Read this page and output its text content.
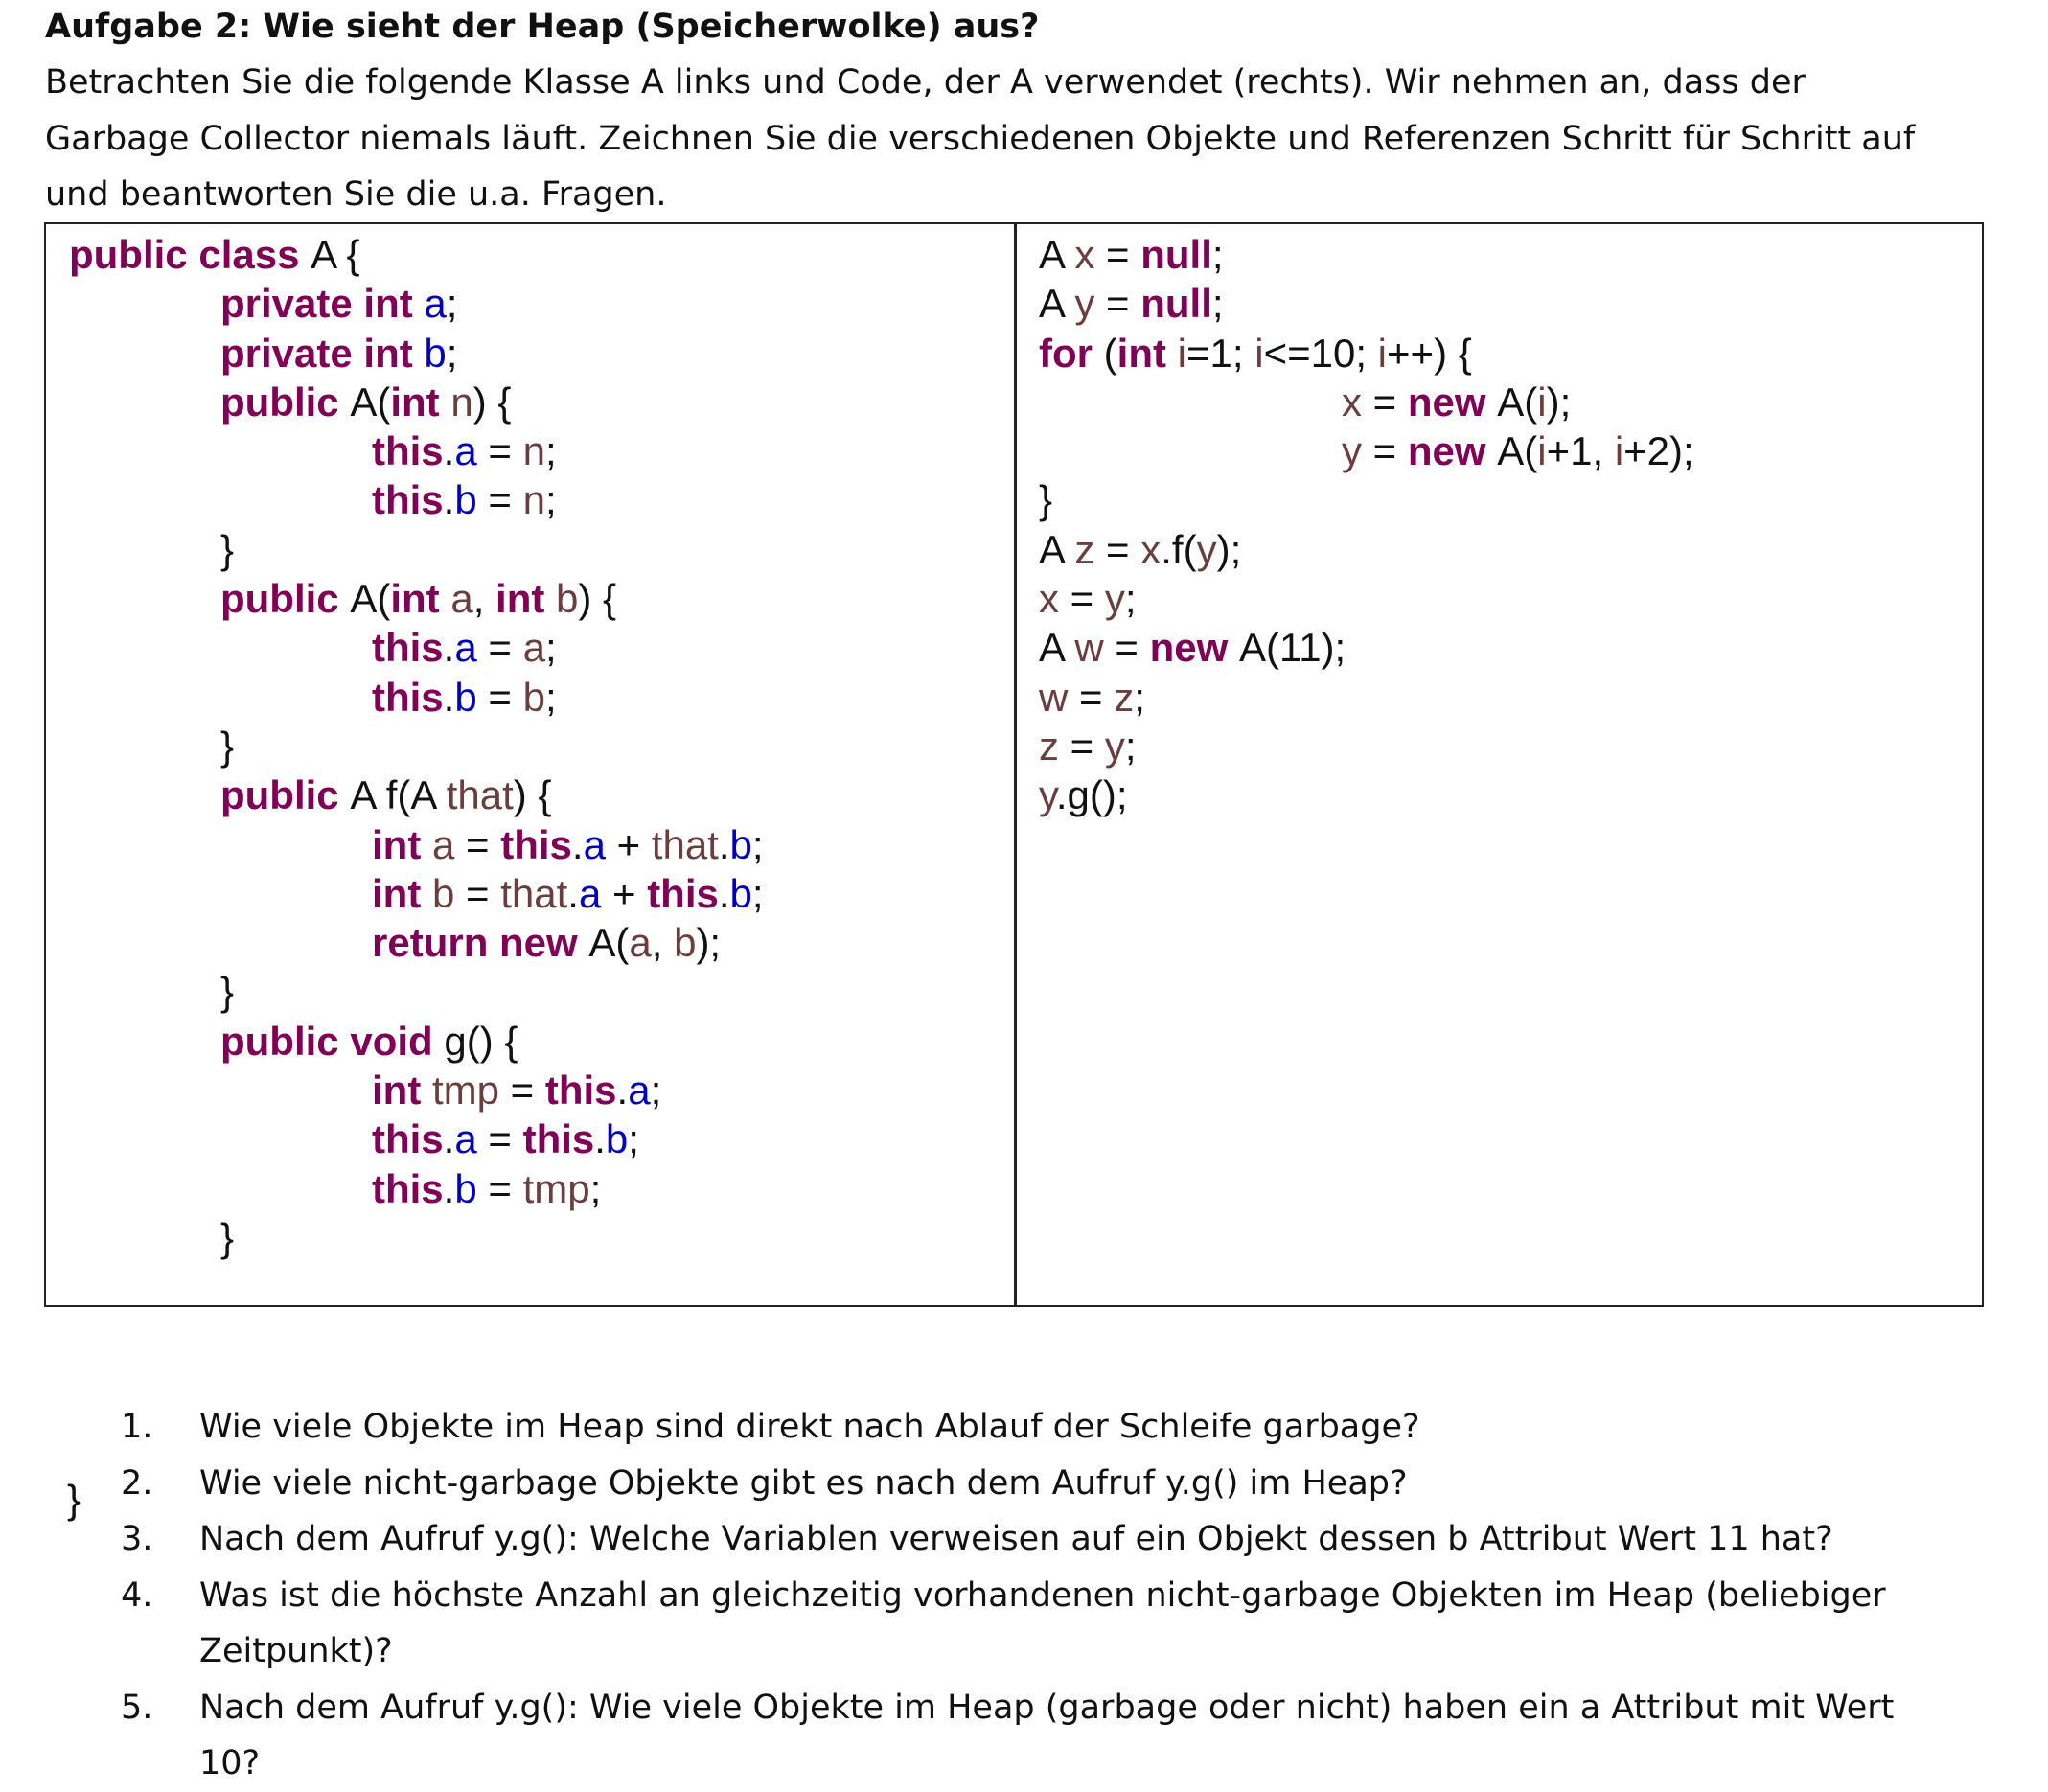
Aufgabe 2: Wie sieht der Heap (Speicherwolke) aus?
Betrachten Sie die folgende Klasse A links und Code, der A verwendet (rechts). Wir nehmen an, dass der
Garbage Collector niemals läuft. Zeichnen Sie die verschiedenen Objekte und Referenzen Schritt für Schritt auf
und beantworten Sie die u.a. Fragen.
public class A {
private int a;
private int b;
public A(int n) {
this.a = n;
this.b = n;
}
public A(int a, int b) {
this.a = a;
this.b = b;
}
public A f(A that) {
int a = this.a + that.b;
int b = that.a + this.b;
return new A(a, b);
}
public void g() {
int tmp = this.a;
this.a = this.b;
this.b = tmp;
}
A x = null;
A y = null;
for (int i=1; i<=10; i++) {
x = new A(i);
y = new A(i+1, i+2);
}
A z = x.f(y);
x = y;
A w = new A(11);
w = z;
z = y;
y.g();
}
1. Wie viele Objekte im Heap sind direkt nach Ablauf der Schleife garbage?
2. Wie viele nicht-garbage Objekte gibt es nach dem Aufruf y.g() im Heap?
3. Nach dem Aufruf y.g(): Welche Variablen verweisen auf ein Objekt dessen b Attribut Wert 11 hat?
4. Was ist die höchste Anzahl an gleichzeitig vorhandenen nicht-garbage Objekten im Heap (beliebiger
Zeitpunkt)?
5. Nach dem Aufruf y.g(): Wie viele Objekte im Heap (garbage oder nicht) haben ein a Attribut mit Wert
10?
